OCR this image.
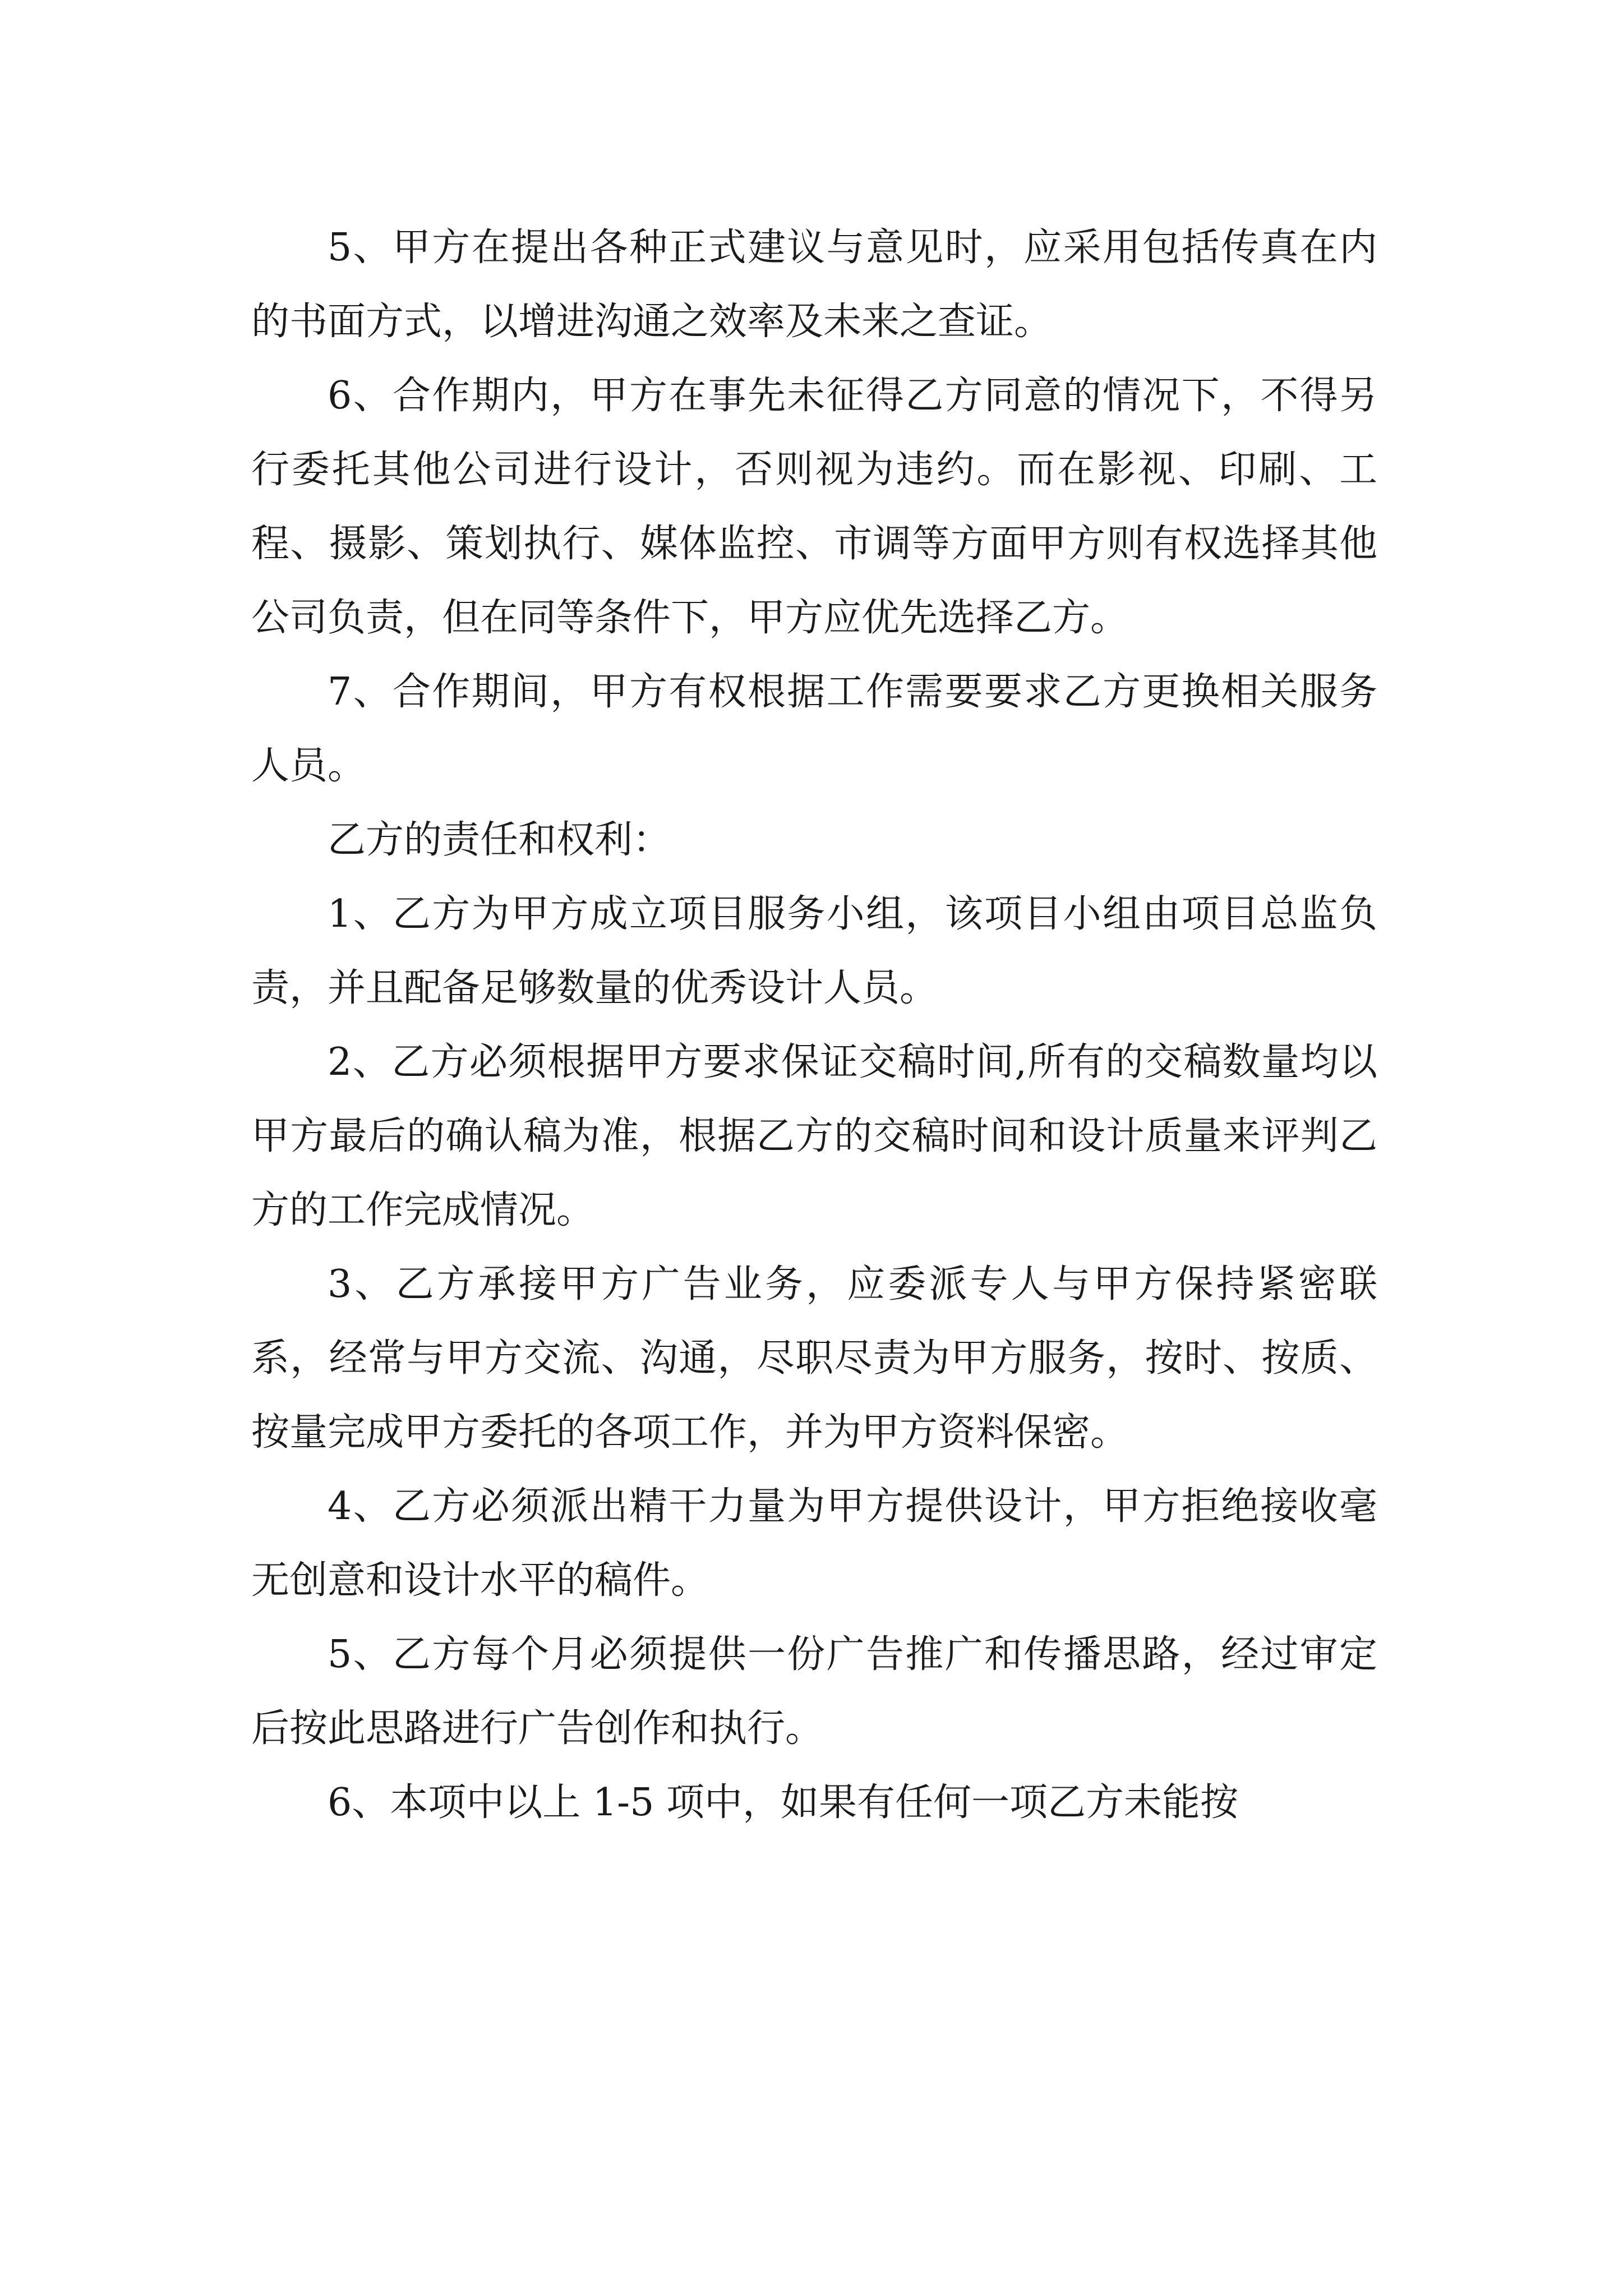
5、甲方在提出各种正式建议与意见时，应采用包括传真在内的书面方式，以增进沟通之效率及未来之查证。

6、合作期内，甲方在事先未征得乙方同意的情况下，不得另行委托其他公司进行设计，否则视为违约。而在影视、印刷、工程、摄影、策划执行、媒体监控、市调等方面甲方则有权选择其他公司负责，但在同等条件下，甲方应优先选择乙方。

7、合作期间，甲方有权根据工作需要要求乙方更换相关服务人员。

乙方的责任和权利：

1、乙方为甲方成立项目服务小组，该项目小组由项目总监负责，并且配备足够数量的优秀设计人员。

2、乙方必须根据甲方要求保证交稿时间,所有的交稿数量均以甲方最后的确认稿为准，根据乙方的交稿时间和设计质量来评判乙方的工作完成情况。

3、乙方承接甲方广告业务，应委派专人与甲方保持紧密联系，经常与甲方交流、沟通，尽职尽责为甲方服务，按时、按质、按量完成甲方委托的各项工作，并为甲方资料保密。

4、乙方必须派出精干力量为甲方提供设计，甲方拒绝接收毫无创意和设计水平的稿件。

5、乙方每个月必须提供一份广告推广和传播思路，经过审定后按此思路进行广告创作和执行。

6、本项中以上 1-5 项中，如果有任何一项乙方未能按
